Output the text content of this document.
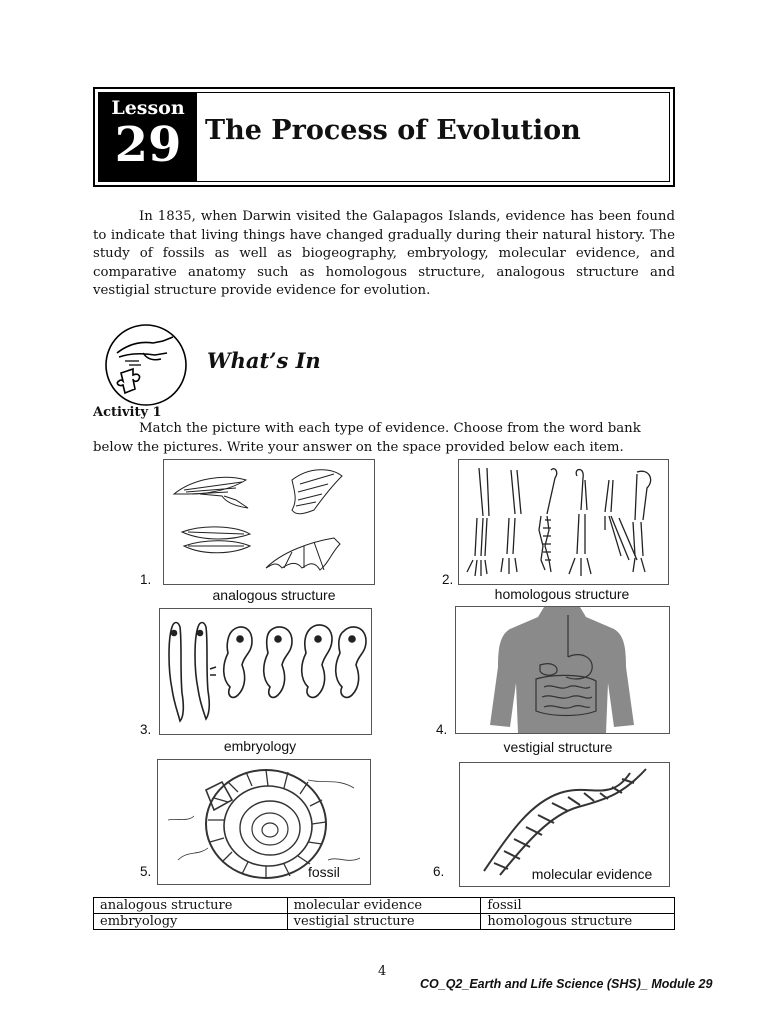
Lesson
29 The Process of Evolution

In 1835, when Darwin visited the Galapagos Islands, evidence has been found to indicate that living things have changed gradually during their natural history. The study of fossils as well as biogeography, embryology, molecular evidence, and comparative anatomy such as homologous structure, analogous structure and vestigial structure provide evidence for evolution.

What’s In
Activity 1

Match the picture with each type of evidence. Choose from the word bank below the pictures. Write your answer on the space provided below each item.

1.
analogous structure
2.
homologous structure
3.
embryology
4.
vestigial structure
fossil
5.	molecular evidence
6.
analogous structure	molecular evidence	fossil
embryology	vestigial structure	homologous structure
4
CO_Q2_Earth and Life Science (SHS)_ Module 29
